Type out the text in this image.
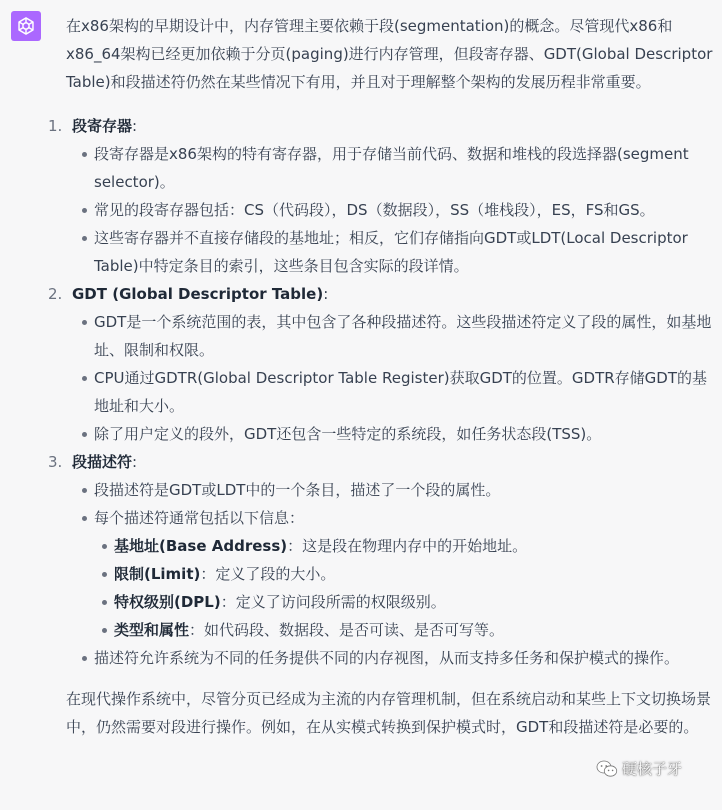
在x86架构的早期设计中，内存管理主要依赖于段(segmentation)的概念。尽管现代x86和x86_64架构已经更加依赖于分页(paging)进行内存管理，但段寄存器、GDT(Global Descriptor Table)和段描述符仍然在某些情况下有用，并且对于理解整个架构的发展历程非常重要。

1. 段寄存器:
段寄存器是x86架构的特有寄存器，用于存储当前代码、数据和堆栈的段选择器(segment selector)。
常见的段寄存器包括：CS（代码段），DS（数据段），SS（堆栈段），ES，FS和GS。
这些寄存器并不直接存储段的基地址；相反，它们存储指向GDT或LDT(Local Descriptor Table)中特定条目的索引，这些条目包含实际的段详情。
2. GDT (Global Descriptor Table):
GDT是一个系统范围的表，其中包含了各种段描述符。这些段描述符定义了段的属性，如基地址、限制和权限。
CPU通过GDTR(Global Descriptor Table Register)获取GDT的位置。GDTR存储GDT的基地址和大小。
除了用户定义的段外，GDT还包含一些特定的系统段，如任务状态段(TSS)。
3. 段描述符:
段描述符是GDT或LDT中的一个条目，描述了一个段的属性。
每个描述符通常包括以下信息：
基地址(Base Address)：这是段在物理内存中的开始地址。
限制(Limit)：定义了段的大小。
特权级别(DPL)：定义了访问段所需的权限级别。
类型和属性：如代码段、数据段、是否可读、是否可写等。
描述符允许系统为不同的任务提供不同的内存视图，从而支持多任务和保护模式的操作。

在现代操作系统中，尽管分页已经成为主流的内存管理机制，但在系统启动和某些上下文切换场景中，仍然需要对段进行操作。例如，在从实模式转换到保护模式时，GDT和段描述符是必要的。

硬核子牙
